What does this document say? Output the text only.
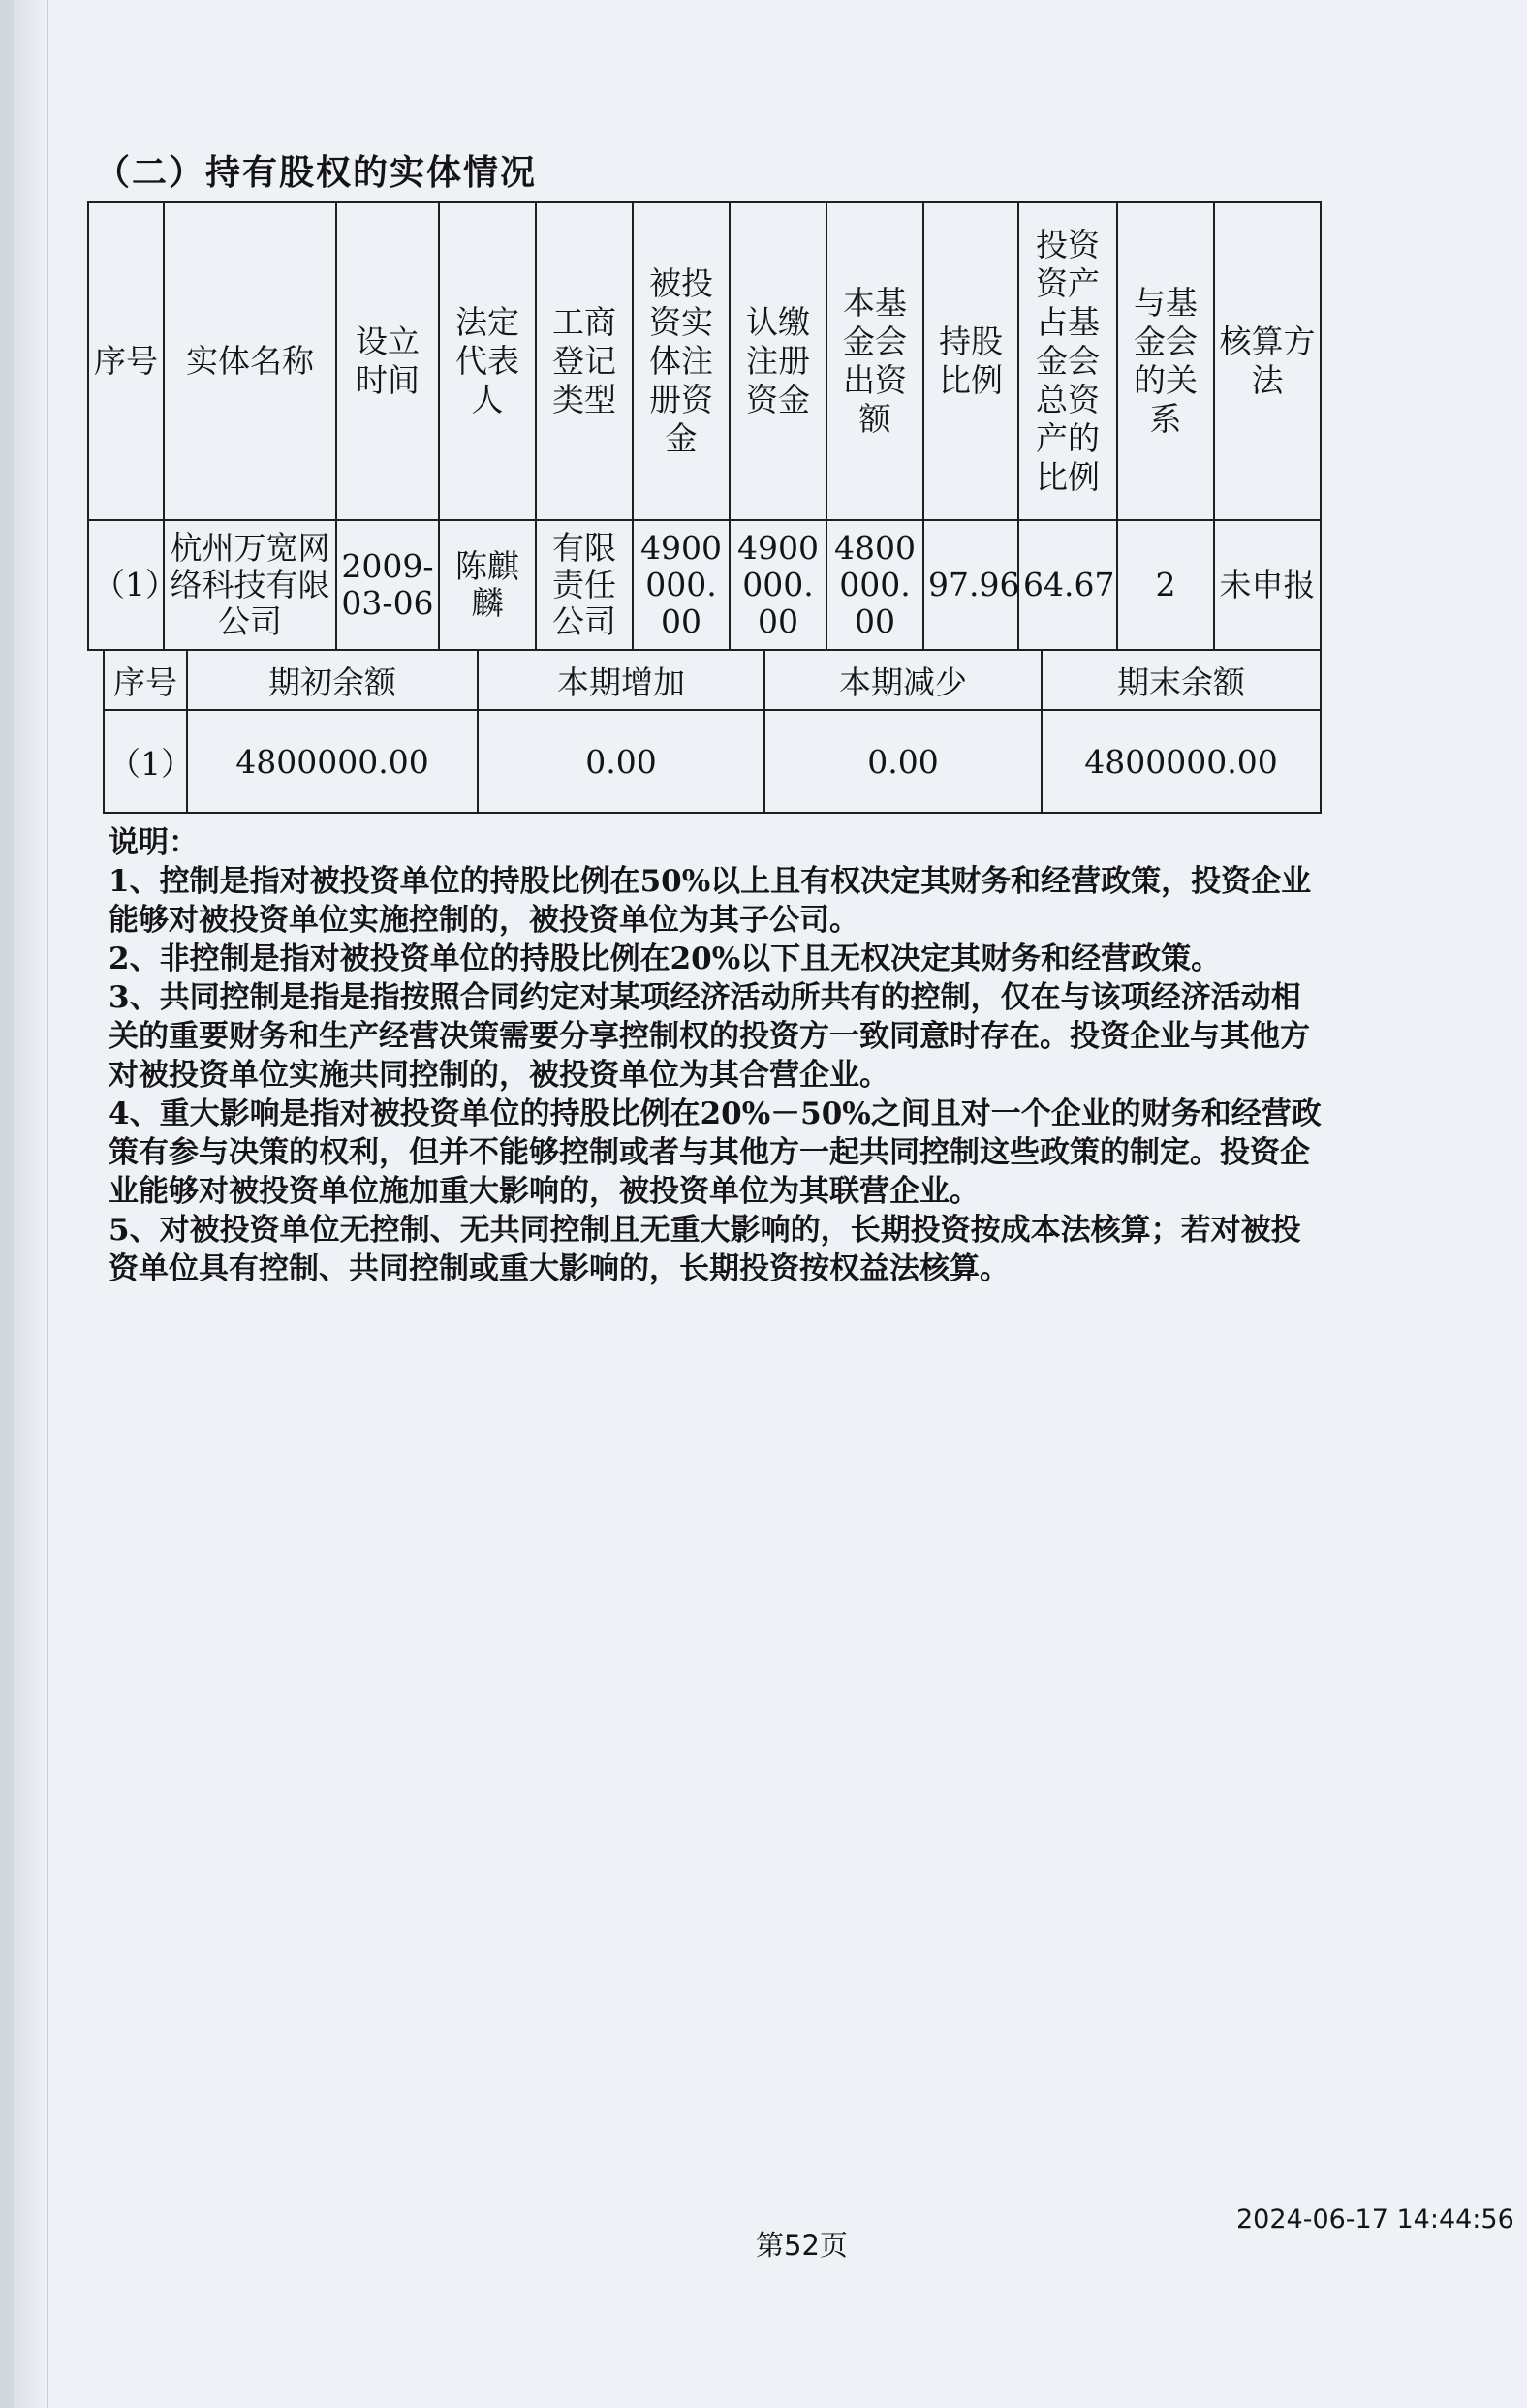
（二）持有股权的实体情况
序号	实体名称	设立时间	法定代表人	工商登记类型	被投资实体注册资金	认缴注册资金	本基金会出资额	持股比例	投资资产占基金会总资产的比例	与基金会的关系	核算方法
（1）	杭州万宽网络科技有限公司	2009-03-06	陈麒麟	有限责任公司	4900000.00	4900000.00	4800000.00	97.96	64.67	2	未申报
序号	期初余额	本期增加	本期减少	期末余额
（1）	4800000.00	0.00	0.00	4800000.00

说明：

1、控制是指对被投资单位的持股比例在50%以上且有权决定其财务和经营政策，投资企业能够对被投资单位实施控制的，被投资单位为其子公司。

2、非控制是指对被投资单位的持股比例在20%以下且无权决定其财务和经营政策。

3、共同控制是指是指按照合同约定对某项经济活动所共有的控制，仅在与该项经济活动相关的重要财务和生产经营决策需要分享控制权的投资方一致同意时存在。投资企业与其他方对被投资单位实施共同控制的，被投资单位为其合营企业。

4、重大影响是指对被投资单位的持股比例在20%－50%之间且对一个企业的财务和经营政策有参与决策的权利，但并不能够控制或者与其他方一起共同控制这些政策的制定。投资企业能够对被投资单位施加重大影响的，被投资单位为其联营企业。

5、对被投资单位无控制、无共同控制且无重大影响的，长期投资按成本法核算；若对被投资单位具有控制、共同控制或重大影响的，长期投资按权益法核算。

第52页
2024-06-17 14:44:56
